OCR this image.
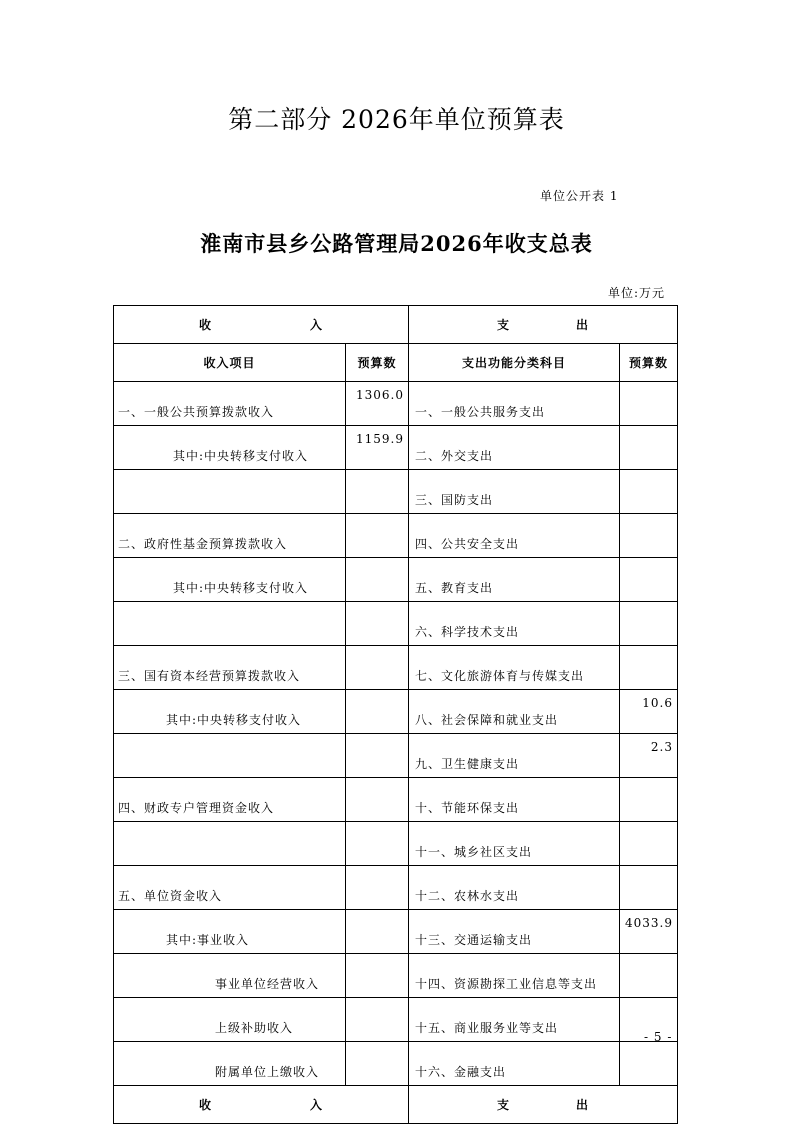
第二部分 2026年单位预算表
单位公开表 1
淮南市县乡公路管理局2026年收支总表
单位:万元
收 入		支 出	
收入项目	预算数	支出功能分类科目	预算数
一、一般公共预算拨款收入	1306.0	一、一般公共服务支出	
其中:中央转移支付收入	1159.9	二、外交支出	
		三、国防支出	
二、政府性基金预算拨款收入		四、公共安全支出	
其中:中央转移支付收入		五、教育支出	
		六、科学技术支出	
三、国有资本经营预算拨款收入		七、文化旅游体育与传媒支出	
其中:中央转移支付收入		八、社会保障和就业支出	10.6
		九、卫生健康支出	2.3
四、财政专户管理资金收入		十、节能环保支出	
		十一、城乡社区支出	
五、单位资金收入		十二、农林水支出	
其中:事业收入		十三、交通运输支出	4033.9
事业单位经营收入		十四、资源勘探工业信息等支出	
上级补助收入		十五、商业服务业等支出	
附属单位上缴收入		十六、金融支出	
收 入		支 出	
- 5 -
